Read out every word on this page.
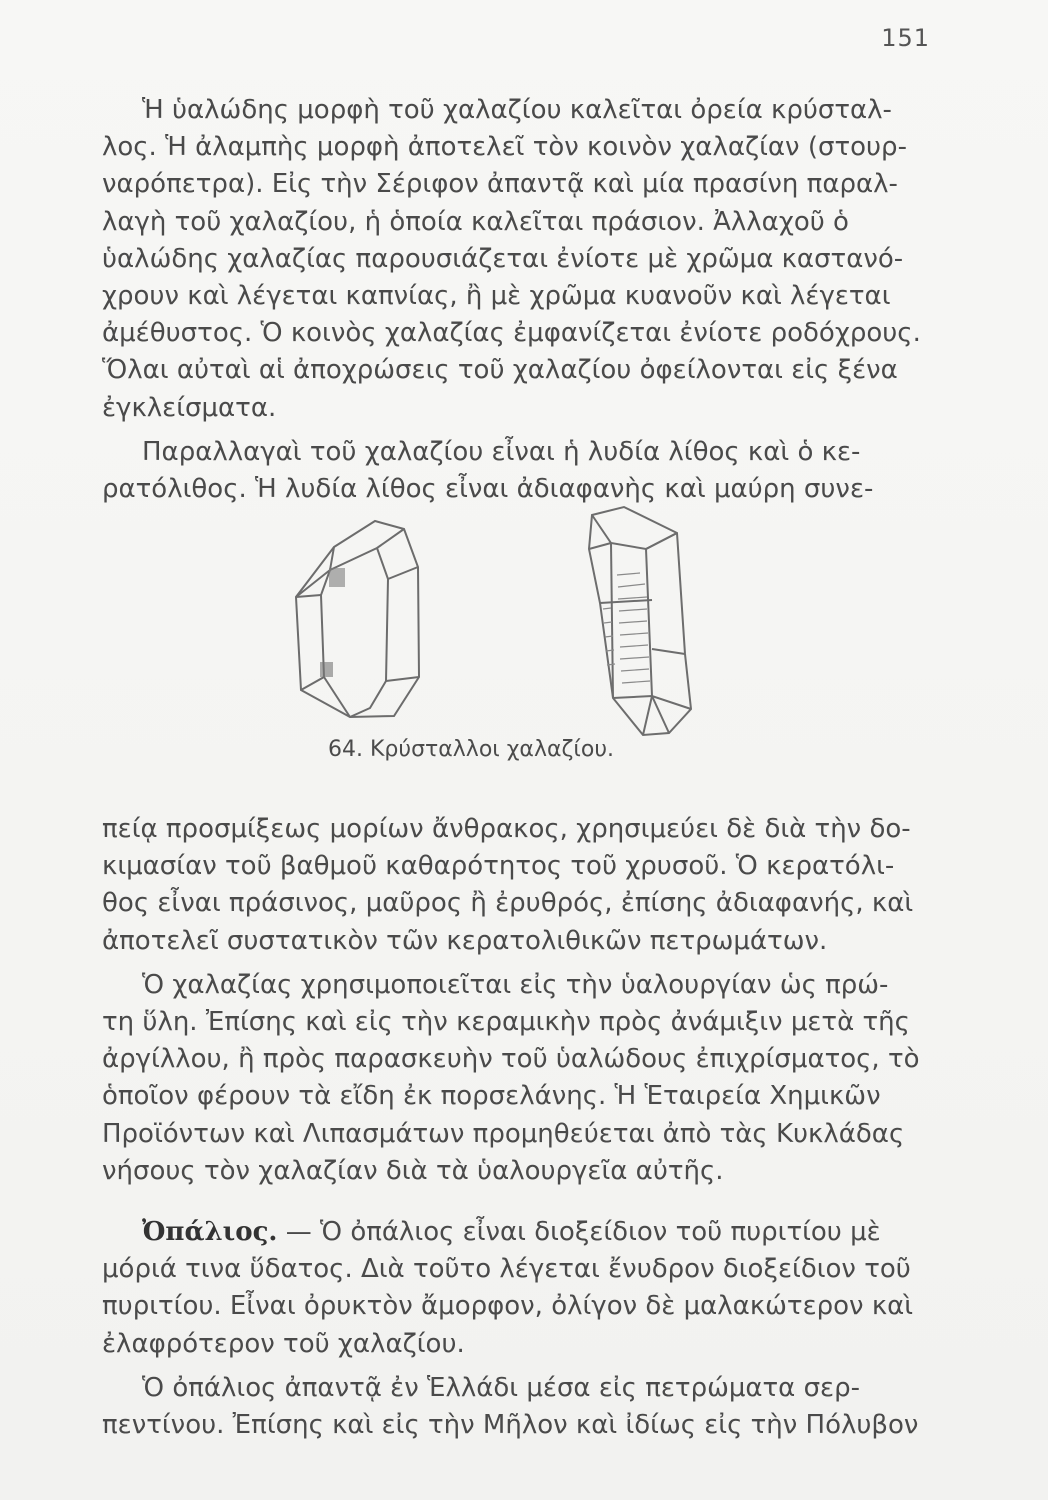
151
Ἡ ὑαλώδης μορφὴ τοῦ χαλαζίου καλεῖται ὀρεία κρύσταλ-
λος. Ἡ ἀλαμπὴς μορφὴ ἀποτελεῖ τὸν κοινὸν χαλαζίαν (στουρ-
ναρόπετρα). Εἰς τὴν Σέριφον ἀπαντᾷ καὶ μία πρασίνη παραλ-
λαγὴ τοῦ χαλαζίου, ἡ ὁποία καλεῖται πράσιον. Ἀλλαχοῦ ὁ
ὑαλώδης χαλαζίας παρουσιάζεται ἐνίοτε μὲ χρῶμα καστανό-
χρουν καὶ λέγεται καπνίας, ἢ μὲ χρῶμα κυανοῦν καὶ λέγεται
ἀμέθυστος. Ὁ κοινὸς χαλαζίας ἐμφανίζεται ἐνίοτε ροδόχρους.
Ὅλαι αὐταὶ αἱ ἀποχρώσεις τοῦ χαλαζίου ὀφείλονται εἰς ξένα
ἐγκλείσματα.
Παραλλαγαὶ τοῦ χαλαζίου εἶναι ἡ λυδία λίθος καὶ ὁ κε-
ρατόλιθος. Ἡ λυδία λίθος εἶναι ἀδιαφανὴς καὶ μαύρη συνε-
64. Κρύσταλλοι χαλαζίου.
πείᾳ προσμίξεως μορίων ἄνθρακος, χρησιμεύει δὲ διὰ τὴν δο-
κιμασίαν τοῦ βαθμοῦ καθαρότητος τοῦ χρυσοῦ. Ὁ κερατόλι-
θος εἶναι πράσινος, μαῦρος ἢ ἐρυθρός, ἐπίσης ἀδιαφανής, καὶ
ἀποτελεῖ συστατικὸν τῶν κερατολιθικῶν πετρωμάτων.
Ὁ χαλαζίας χρησιμοποιεῖται εἰς τὴν ὑαλουργίαν ὡς πρώ-
τη ὕλη. Ἐπίσης καὶ εἰς τὴν κεραμικὴν πρὸς ἀνάμιξιν μετὰ τῆς
ἀργίλλου, ἢ πρὸς παρασκευὴν τοῦ ὑαλώδους ἐπιχρίσματος, τὸ
ὁποῖον φέρουν τὰ εἴδη ἐκ πορσελάνης. Ἡ Ἑταιρεία Χημικῶν
Προϊόντων καὶ Λιπασμάτων προμηθεύεται ἀπὸ τὰς Κυκλάδας
νήσους τὸν χαλαζίαν διὰ τὰ ὑαλουργεῖα αὐτῆς.
Ὀπάλιος. — Ὁ ὀπάλιος εἶναι διοξείδιον τοῦ πυριτίου μὲ
μόριά τινα ὕδατος. Διὰ τοῦτο λέγεται ἔνυδρον διοξείδιον τοῦ
πυριτίου. Εἶναι ὀρυκτὸν ἄμορφον, ὀλίγον δὲ μαλακώτερον καὶ
ἐλαφρότερον τοῦ χαλαζίου.
Ὁ ὀπάλιος ἀπαντᾷ ἐν Ἑλλάδι μέσα εἰς πετρώματα σερ-
πεντίνου. Ἐπίσης καὶ εἰς τὴν Μῆλον καὶ ἰδίως εἰς τὴν Πόλυβον
